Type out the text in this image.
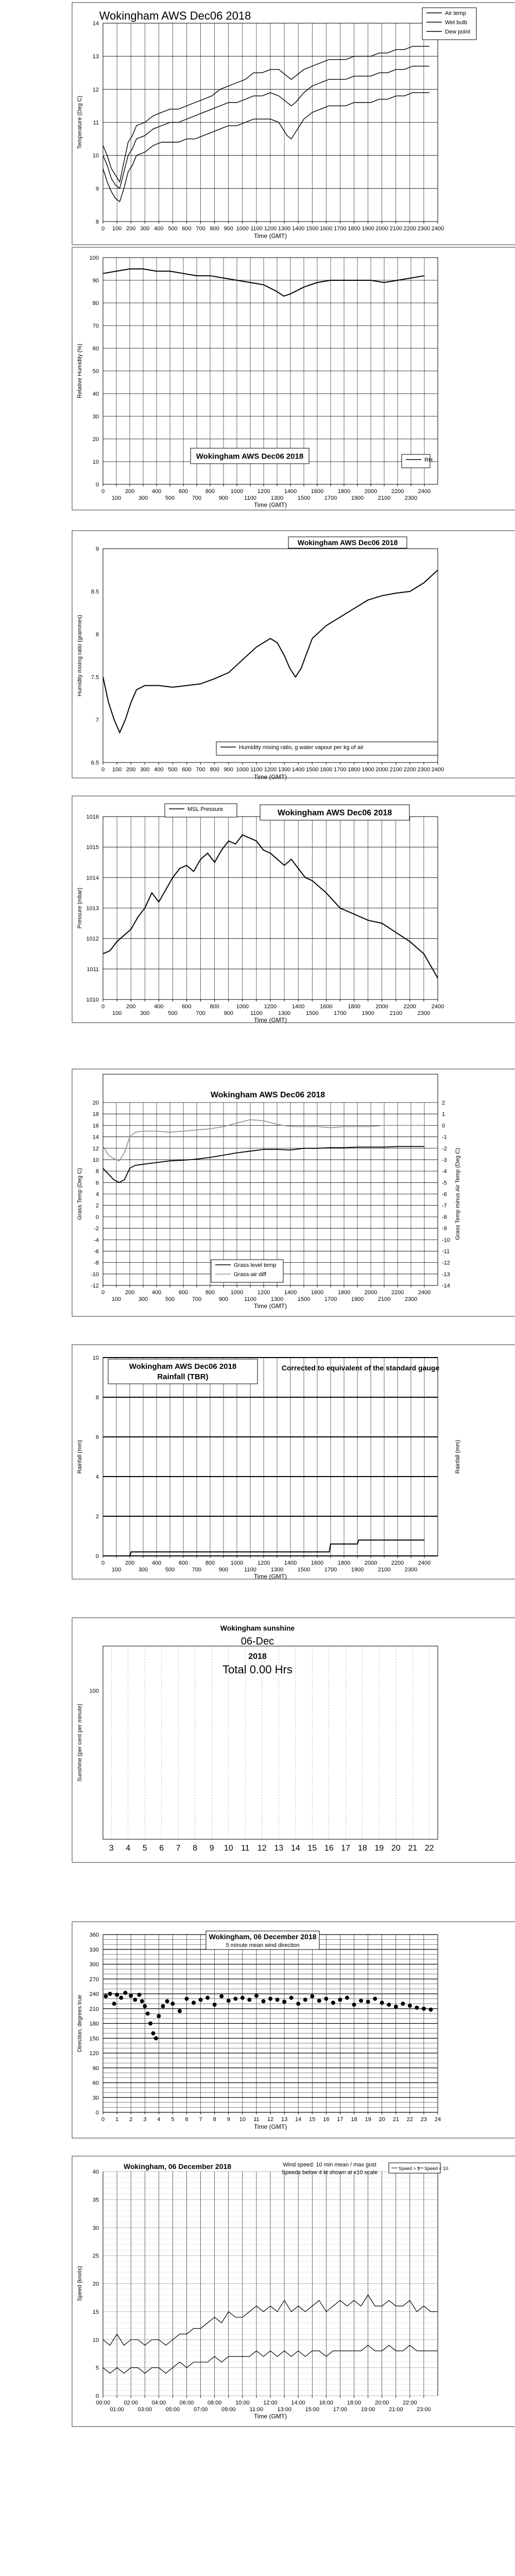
8
9
10
11
12
13
14
0 100 200 300 400 500 600 700 800 900 1000 1100 1200 1300 1400 1500 1600 1700 1800 1900 2000 2100 2200 2300 2400
Time (GMT)
Temperature (Deg C)
Wokingham AWS Dec06 2018	Air temp
Wet bulb
Dew point
0
10
20
30
40
50
60
70
80
90
100
0	200	400	600	800	1000	1200	1400	1600	1800	2000	2200	2400
100	300	500	700	900	1100	1300	1500	1700	1900	2100	2300
Time (GMT)
Relative Humidity (%)
Wokingham AWS Dec06 2018	RH
6.5
7
7.5
8
8.5
9
0 100 200 300 400 500 600 700 800 900 1000 1100 1200 1300 1400 1500 1600 1700 1800 1900 2000 2100 2200 2300 2400
Time (GMT)
Humidity mixing ratio (grammes)
Wokingham AWS Dec06 2018
Humidity mixing ratio, g water vapour per kg of air
1010
1011
1012
1013
1014
1015
1016
0	200	400	600	800	1000	1200	1400	1600	1800	2000	2200	2400
100	300	500	700	900	1100	1300	1500	1700	1900	2100	2300
Time (GMT)
Pressure (mbar)
MSL Pressure	Wokingham AWS Dec06 2018
Wokingham AWS Dec06 2018
-12
-10
-8
-6
-4
-2
0
2
4
6
8
10
12
14
16
18
20
-14
-13
-12
-11
-10
-9
-8
-7
-6
-5
-4
-3
-2
-1
0
1
2
0	200	400	600	800	1000	1200	1400	1600	1800	2000	2200	2400
100	300	500	700	900	1100	1300	1500	1700	1900	2100	2300
Time (GMT)
Grass Temp (Deg C)	Grass Temp minus Air Temp (Deg C)
Grass level temp
Grass-air diff
0
2
4
6
8
10
0	200	400	600	800	1000	1200	1400	1600	1800	2000	2200	2400
100	300	500	700	900	1100	1300	1500	1700	1900	2100	2300
Time (GMT)
Rainfall (mm)	Rainfall (mm)
Wokingham AWS Dec06 2018
Rainfall (TBR)
Corrected to equivalent of the standard gauge
3 4 5 6 7 8 9 10 11 12 13 14 15 16 17 18 19 20 21 22
100
Sunshine (per cent per minute)
Wokingham sunshine
06-Dec
2018
Total 0.00 Hrs
0
30
60
90
120
150
180
210
240
270
300
330
360
0 1 2 3 4 5 6 7 8 9 10 11 12 13 14 15 16 17 18 19 20 21 22 23 24
Time (GMT)
Direction, degrees true
Wokingham, 06 December 2018
5 minute mean wind direction
0
5
10
15
20
25
30
35
40
00:00 02:00 04:00 06:00 08:00 10:00 12:00 14:00 16:00 18:00 20:00 22:00
01:00 03:00 05:00 07:00 09:00 11:00 13:00 15:00 17:00 19:00 21:00 23:00
Time (GMT)
Speed (knots)
Wokingham, 06 December 2018	Wind speed: 10 min mean / max gust
Speeds below 4 kt shown at x10 scale
Speed > 1 Speed < 10
